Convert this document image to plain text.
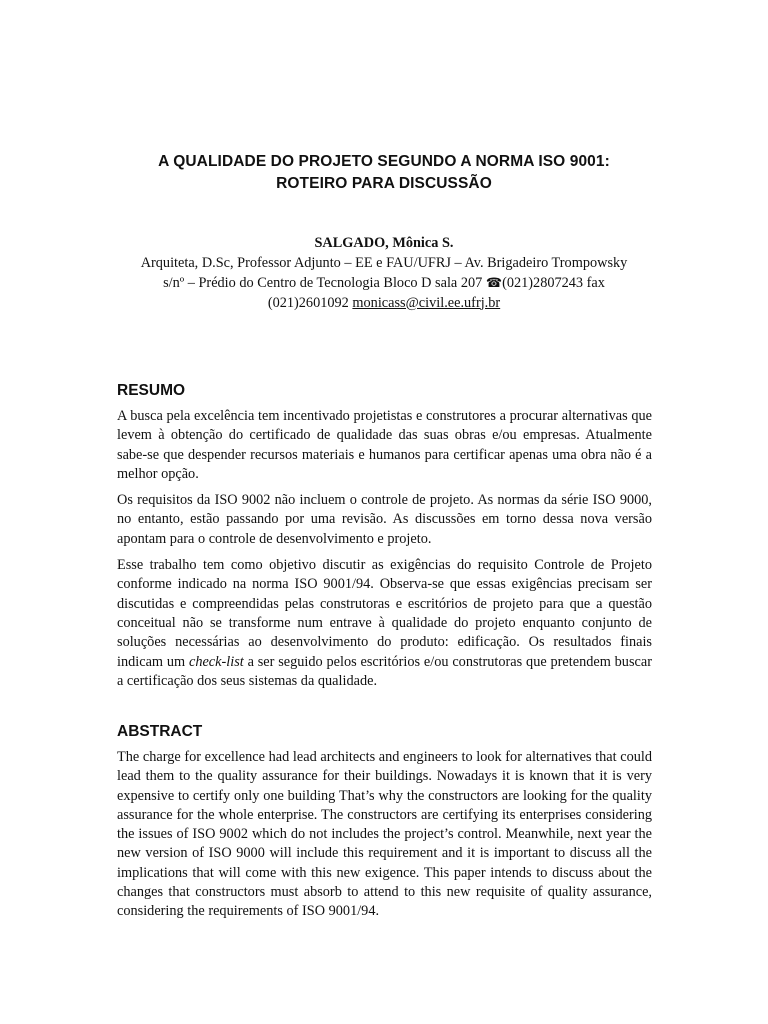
A QUALIDADE DO PROJETO SEGUNDO A NORMA ISO 9001:
ROTEIRO PARA DISCUSSÃO
SALGADO, Mônica S.
Arquiteta, D.Sc, Professor Adjunto – EE e FAU/UFRJ – Av. Brigadeiro Trompowsky
s/nº – Prédio do Centro de Tecnologia Bloco D sala 207 ☎(021)2807243 fax
(021)2601092 monicass@civil.ee.ufrj.br
RESUMO

A busca pela excelência tem incentivado projetistas e construtores a procurar alternativas que levem à obtenção do certificado de qualidade das suas obras e/ou empresas. Atualmente sabe-se que despender recursos materiais e humanos para certificar apenas uma obra não é a melhor opção.

Os requisitos da ISO 9002 não incluem o controle de projeto. As normas da série ISO 9000, no entanto, estão passando por uma revisão. As discussões em torno dessa nova versão apontam para o controle de desenvolvimento e projeto.

Esse trabalho tem como objetivo discutir as exigências do requisito Controle de Projeto conforme indicado na norma ISO 9001/94. Observa-se que essas exigências precisam ser discutidas e compreendidas pelas construtoras e escritórios de projeto para que a questão conceitual não se transforme num entrave à qualidade do projeto enquanto conjunto de soluções necessárias ao desenvolvimento do produto: edificação. Os resultados finais indicam um check-list a ser seguido pelos escritórios e/ou construtoras que pretendem buscar a certificação dos seus sistemas da qualidade.

ABSTRACT

The charge for excellence had lead architects and engineers to look for alternatives that could lead them to the quality assurance for their buildings. Nowadays it is known that it is very expensive to certify only one building That’s why the constructors are looking for the quality assurance for the whole enterprise. The constructors are certifying its enterprises considering the issues of ISO 9002 which do not includes the project’s control. Meanwhile, next year the new version of ISO 9000 will include this requirement and it is important to discuss all the implications that will come with this new exigence. This paper intends to discuss about the changes that constructors must absorb to attend to this new requisite of quality assurance, considering the requirements of ISO 9001/94.
